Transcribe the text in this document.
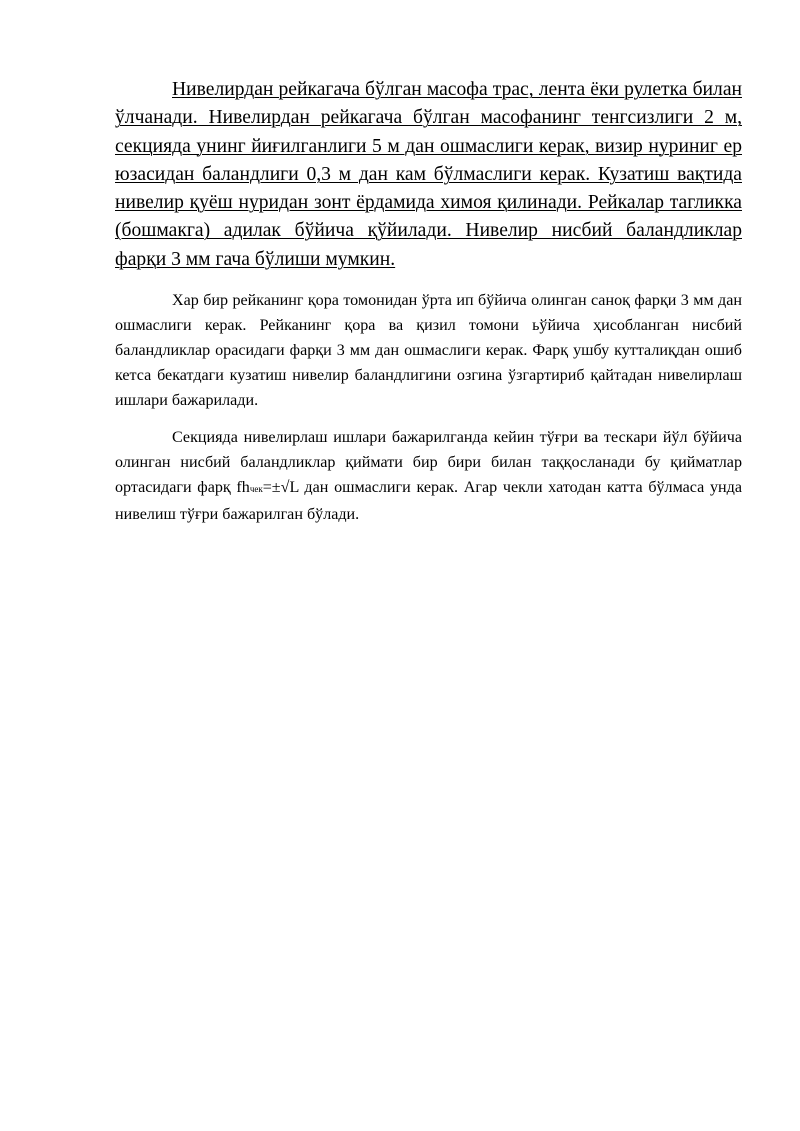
Нивелирдан рейкагача бўлган масофа трас, лента ёки рулетка билан ўлчанади. Нивелирдан рейкагача бўлган масофанинг тенгсизлиги 2 м, секцияда унинг йиғилганлиги 5 м дан ошмаслиги керак, визир нуриниг ер юзасидан баландлиги 0,3 м дан кам бўлмаслиги керак. Кузатиш вақтида нивелир қуёш нуридан зонт ёрдамида химоя қилинади. Рейкалар тагликка (бошмакга) адилак бўйича қўйилади. Нивелир нисбий баландликлар фарқи 3 мм гача бўлиши мумкин.

Хар бир рейканинг қора томонидан ўрта ип бўйича олинган саноқ фарқи 3 мм дан ошмаслиги керак. Рейканинг қора ва қизил томони ьўйича ҳисобланган нисбий баландликлар орасидаги фарқи 3 мм дан ошмаслиги керак. Фарқ ушбу кутталиқдан ошиб кетса бекатдаги кузатиш нивелир баландлигини озгина ўзгартириб қайтадан нивелирлаш ишлари бажарилади.

Секцияда нивелирлаш ишлари бажарилганда кейин тўғри ва тескари йўл бўйича олинган нисбий баландликлар қиймати бир бири билан таққосланади бу қийматлар ортасидаги фарқ fhчек=±√L дан ошмаслиги керак. Агар чекли хатодан катта бўлмаса унда нивелиш тўғри бажарилган бўлади.
